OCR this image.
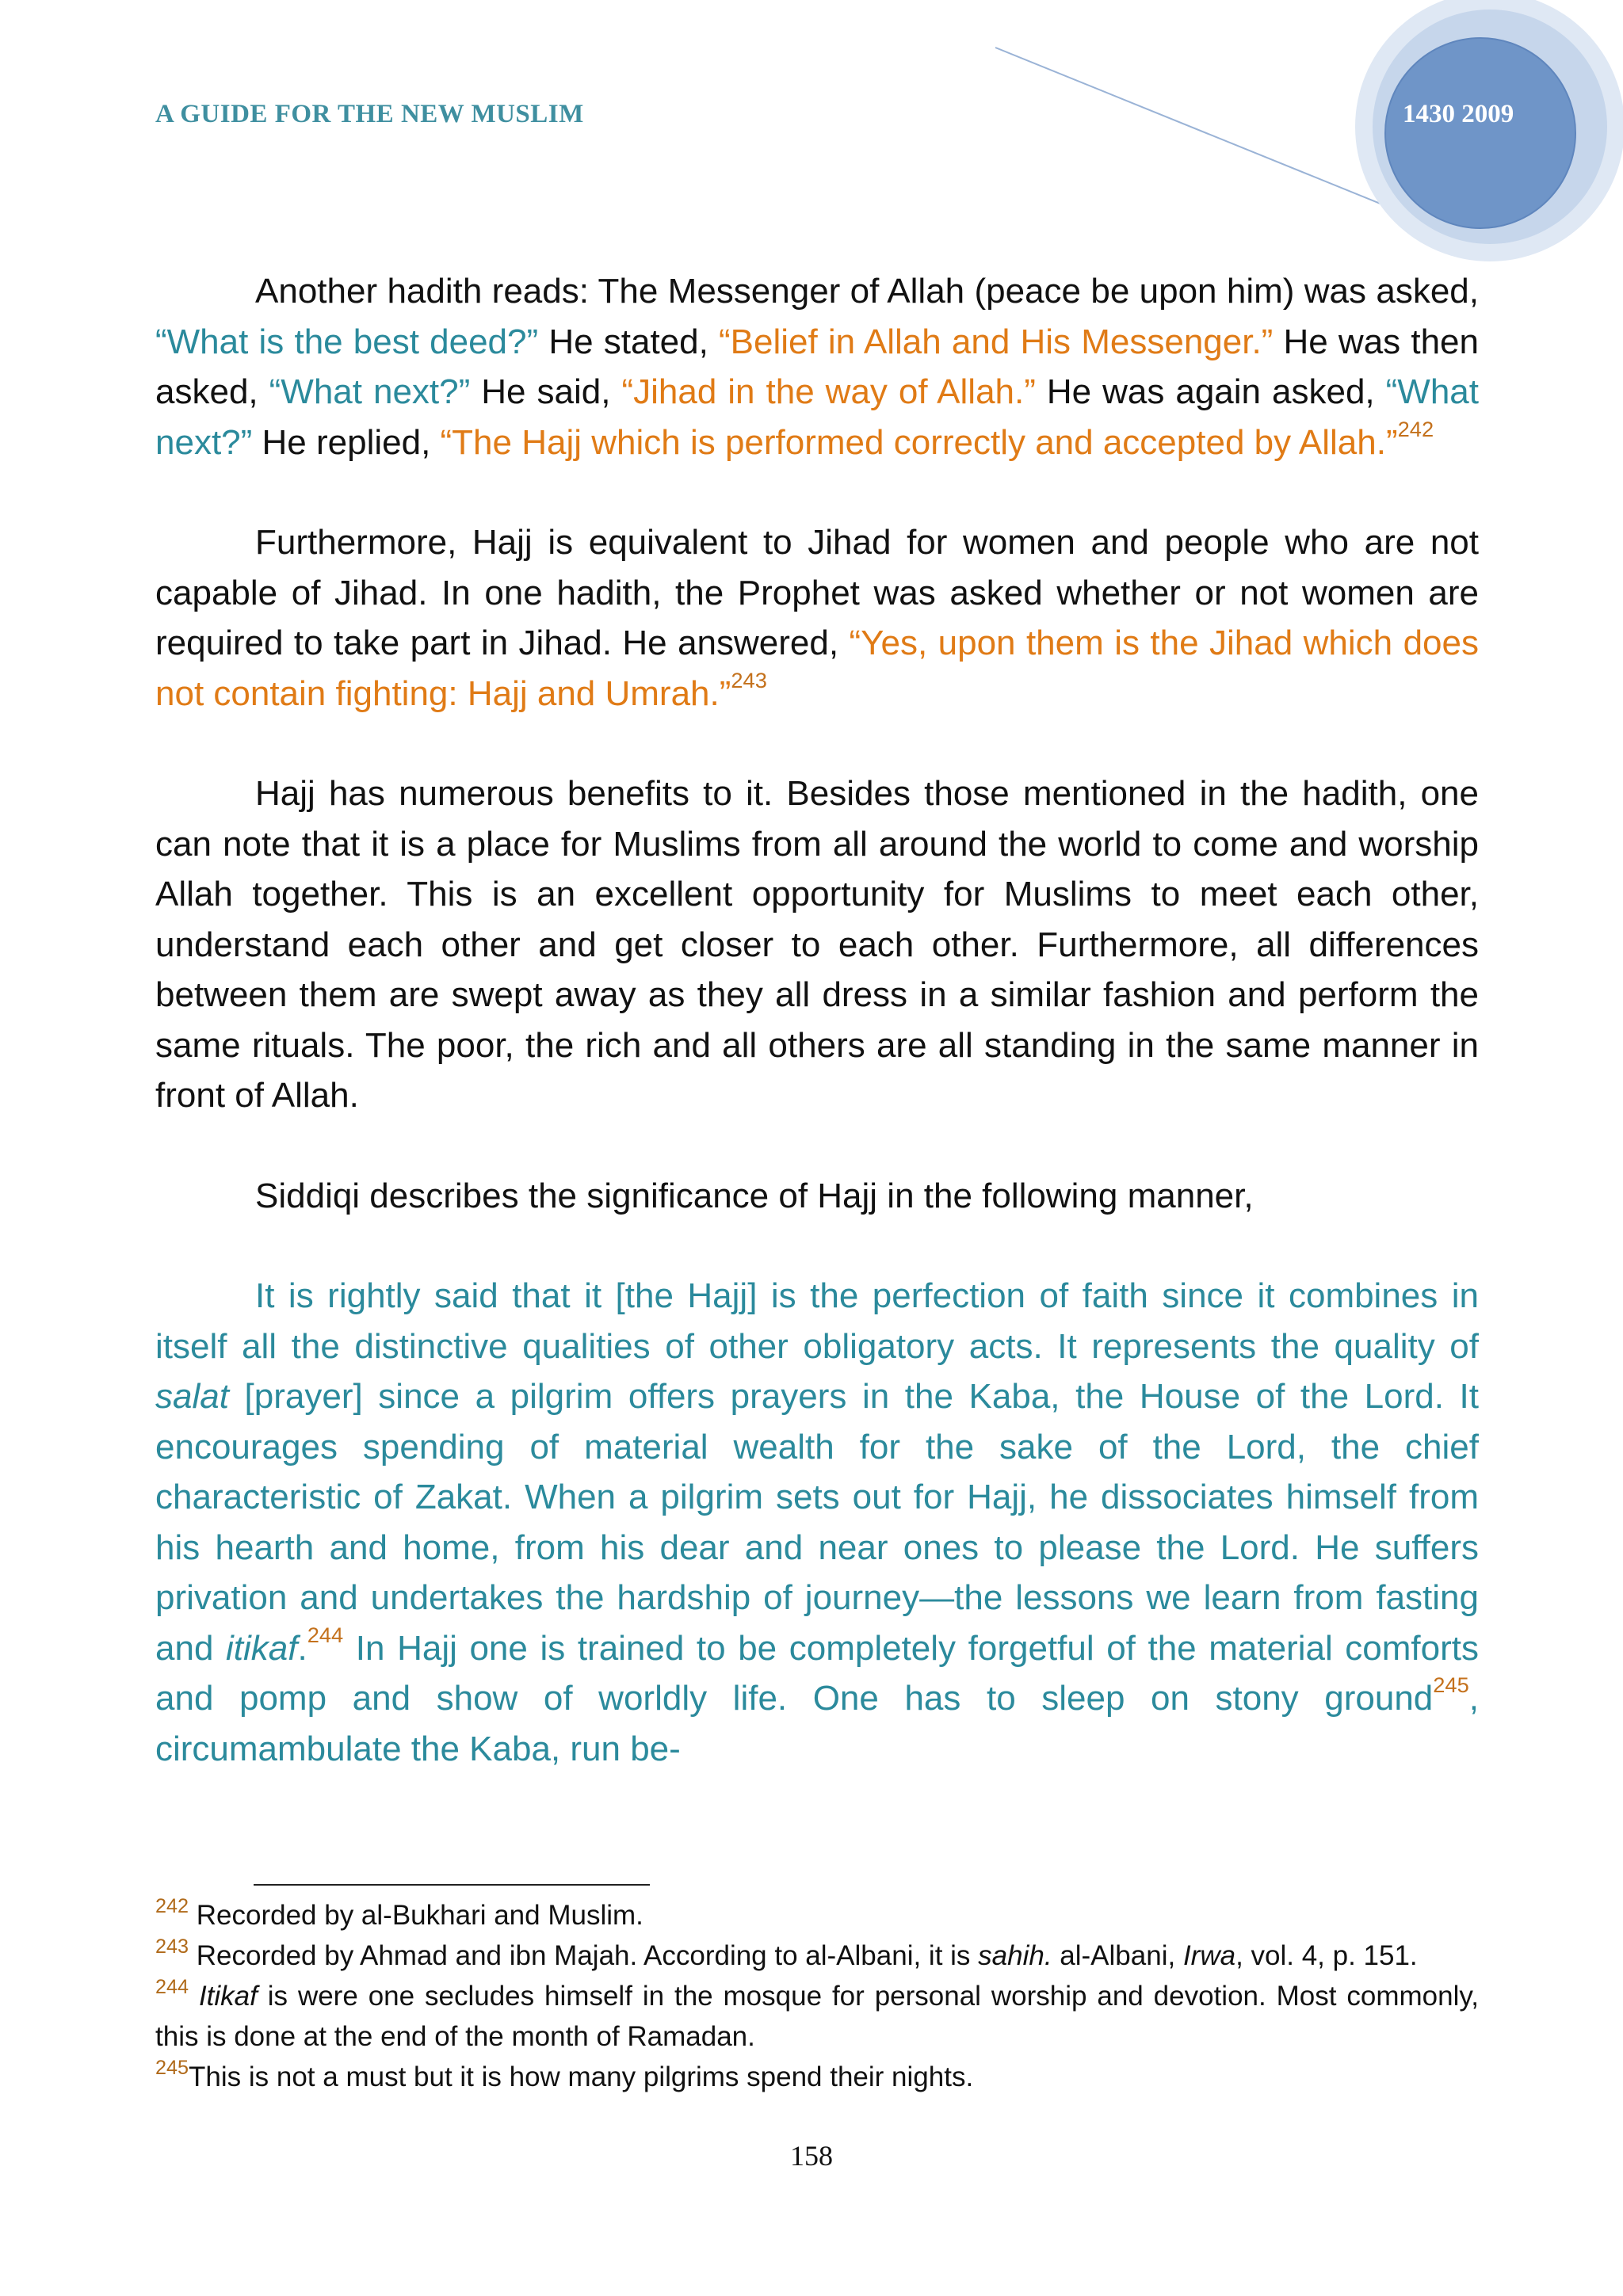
A GUIDE FOR THE NEW MUSLIM	1430 2009

Another hadith reads: The Messenger of Allah (peace be upon him) was asked, “What is the best deed?” He stated, “Belief in Allah and His Messenger.” He was then asked, “What next?” He said, “Jihad in the way of Allah.” He was again asked, “What next?” He replied, “The Hajj which is performed correctly and accepted by Allah.”$^{242}$

Furthermore, Hajj is equivalent to Jihad for women and people who are not capable of Jihad. In one hadith, the Prophet was asked whether or not women are required to take part in Jihad. He answered, “Yes, upon them is the Jihad which does not contain fighting: Hajj and Umrah.”$^{243}$

Hajj has numerous benefits to it. Besides those mentioned in the hadith, one can note that it is a place for Muslims from all around the world to come and worship Allah together. This is an excellent opportunity for Muslims to meet each other, understand each other and get closer to each other. Furthermore, all differences between them are swept away as they all dress in a similar fashion and perform the same rituals. The poor, the rich and all others are all standing in the same manner in front of Allah.

Siddiqi describes the significance of Hajj in the following manner,

It is rightly said that it [the Hajj] is the perfection of faith since it combines in itself all the distinctive qualities of other obligatory acts. It represents the quality of salat [prayer] since a pilgrim offers prayers in the Kaba, the House of the Lord. It encourages spending of material wealth for the sake of the Lord, the chief characteristic of Zakat. When a pilgrim sets out for Hajj, he dissociates himself from his hearth and home, from his dear and near ones to please the Lord. He suffers privation and undertakes the hardship of journey—the lessons we learn from fasting and itikaf.$^{244}$ In Hajj one is trained to be completely forgetful of the material comforts and pomp and show of worldly life. One has to sleep on stony ground$^{245}$, circumambulate the Kaba, run be-

$^{242}$ Recorded by al-Bukhari and Muslim.

$^{243}$ Recorded by Ahmad and ibn Majah. According to al-Albani, it is sahih. al-Albani, Irwa, vol. 4, p. 151.

$^{244}$ Itikaf is were one secludes himself in the mosque for personal worship and devotion. Most commonly, this is done at the end of the month of Ramadan.

$^{245}$This is not a must but it is how many pilgrims spend their nights.

158
